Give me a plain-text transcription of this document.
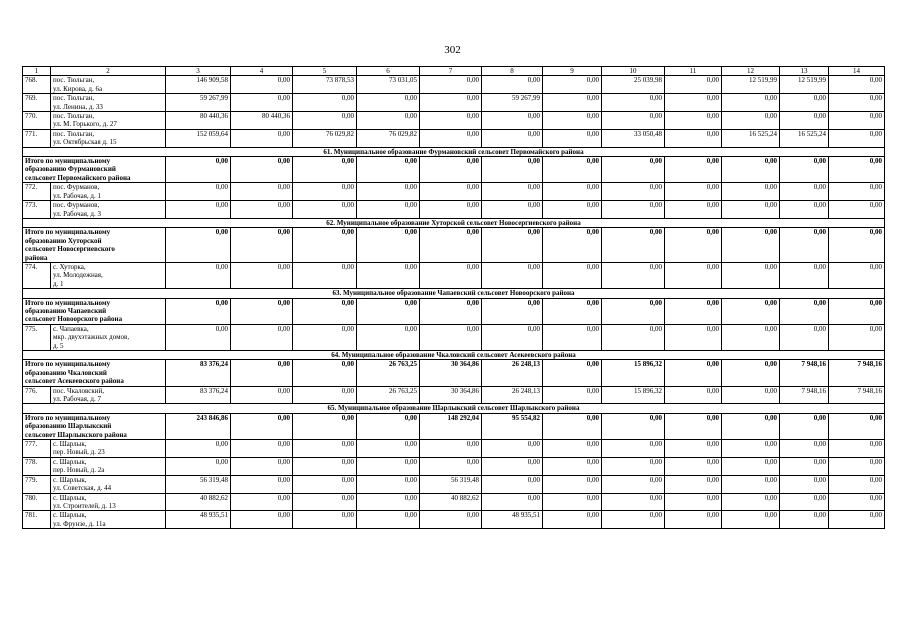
302
1	2	3	4	5	6	7	8	9	10	11	12	13	14
768.	пос. Тюльган,
ул. Кирова, д. 6а	146 909,58	0,00	73 878,53	73 031,05	0,00	0,00	0,00	25 039,98	0,00	12 519,99	12 519,99	0,00
769.	пос. Тюльган,
ул. Ленина, д. 33	59 267,99	0,00	0,00	0,00	0,00	59 267,99	0,00	0,00	0,00	0,00	0,00	0,00
770.	пос. Тюльган,
ул. М. Горького, д. 27	80 440,36	80 440,36	0,00	0,00	0,00	0,00	0,00	0,00	0,00	0,00	0,00	0,00
771.	пос. Тюльган,
ул. Октябрьская д. 15	152 059,64	0,00	76 029,82	76 029,82	0,00	0,00	0,00	33 050,48	0,00	16 525,24	16 525,24	0,00
61. Муниципальное образование Фурмановский сельсовет Первомайского района													
Итого по муниципальному
образованию Фурмановский
сельсовет Первомайского района		0,00	0,00	0,00	0,00	0,00	0,00	0,00	0,00	0,00	0,00	0,00	0,00
772.	пос. Фурманов,
ул. Рабочая, д. 1	0,00	0,00	0,00	0,00	0,00	0,00	0,00	0,00	0,00	0,00	0,00	0,00
773.	пос. Фурманов,
ул. Рабочая, д. 3	0,00	0,00	0,00	0,00	0,00	0,00	0,00	0,00	0,00	0,00	0,00	0,00
62. Муниципальное образование Хуторской сельсовет Новосергиевского района													
Итого по муниципальному
образованию Хуторской
сельсовет Новосергиевского
района		0,00	0,00	0,00	0,00	0,00	0,00	0,00	0,00	0,00	0,00	0,00	0,00
774.	с. Хуторка,
ул. Молодежная,
д. 1	0,00	0,00	0,00	0,00	0,00	0,00	0,00	0,00	0,00	0,00	0,00	0,00
63. Муниципальное образование Чапаевский сельсовет Новоорского района													
Итого по муниципальному
образованию Чапаевский
сельсовет Новоорского района		0,00	0,00	0,00	0,00	0,00	0,00	0,00	0,00	0,00	0,00	0,00	0,00
775.	с. Чапаевка,
мкр. двухэтажных домов,
д. 5	0,00	0,00	0,00	0,00	0,00	0,00	0,00	0,00	0,00	0,00	0,00	0,00
64. Муниципальное образование Чкаловский сельсовет Асекеевского района													
Итого по муниципальному
образованию Чкаловский
сельсовет Асекеевского района		83 376,24	0,00	0,00	26 763,25	30 364,86	26 248,13	0,00	15 896,32	0,00	0,00	7 948,16	7 948,16
776.	пос. Чкаловский,
ул. Рабочая, д. 7	83 376,24	0,00	0,00	26 763,25	30 364,86	26 248,13	0,00	15 896,32	0,00	0,00	7 948,16	7 948,16
65. Муниципальное образование Шарлыкский сельсовет Шарлыкского района													
Итого по муниципальному
образованию Шарлыкский
сельсовет Шарлыкского района		243 846,86	0,00	0,00	0,00	148 292,04	95 554,82	0,00	0,00	0,00	0,00	0,00	0,00
777.	с. Шарлык,
пер. Новый, д. 23	0,00	0,00	0,00	0,00	0,00	0,00	0,00	0,00	0,00	0,00	0,00	0,00
778.	с. Шарлык,
пер. Новый, д. 2а	0,00	0,00	0,00	0,00	0,00	0,00	0,00	0,00	0,00	0,00	0,00	0,00
779.	с. Шарлык,
ул. Советская, д. 44	56 319,48	0,00	0,00	0,00	56 319,48	0,00	0,00	0,00	0,00	0,00	0,00	0,00
780.	с. Шарлык,
ул. Строителей, д. 13	40 882,62	0,00	0,00	0,00	40 882,62	0,00	0,00	0,00	0,00	0,00	0,00	0,00
781.	с. Шарлык,
ул. Фрунзе, д. 11а	48 935,51	0,00	0,00	0,00	0,00	48 935,51	0,00	0,00	0,00	0,00	0,00	0,00
